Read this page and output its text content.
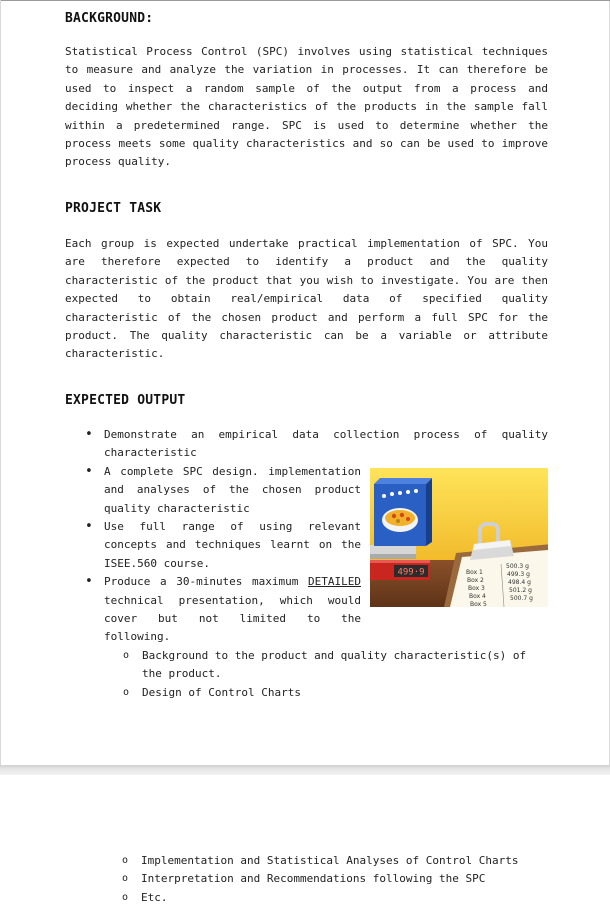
BACKGROUND:

Statistical Process Control (SPC) involves using statistical techniques to measure and analyze the variation in processes. It can therefore be used to inspect a random sample of the output from a process and deciding whether the characteristics of the products in the sample fall within a predetermined range. SPC is used to determine whether the process meets some quality characteristics and so can be used to improve process quality.

PROJECT TASK

Each group is expected undertake practical implementation of SPC. You are therefore expected to identify a product and the quality characteristic of the product that you wish to investigate. You are then expected to obtain real/empirical data of specified quality characteristic of the chosen product and perform a full SPC for the product. The quality characteristic can be a variable or attribute characteristic.

EXPECTED OUTPUT
• Demonstrate an empirical data collection process of quality characteristic
• A complete SPC design. implementation and analyses of the chosen product quality characteristic
• Use full range of using relevant concepts and techniques learnt on the ISEE.560 course.
• Produce a 30-minutes maximum DETAILED technical presentation, which would cover but not limited to the following.
o Background to the product and quality characteristic(s) of the product.
o Design of Control Charts
499·9	Box 1 Box 2 Box 3 Box 4 Box 5
500.3 g 499.3 g 498.4 g 501.2 g 500.7 g
o Implementation and Statistical Analyses of Control Charts
o Interpretation and Recommendations following the SPC
o Etc.
